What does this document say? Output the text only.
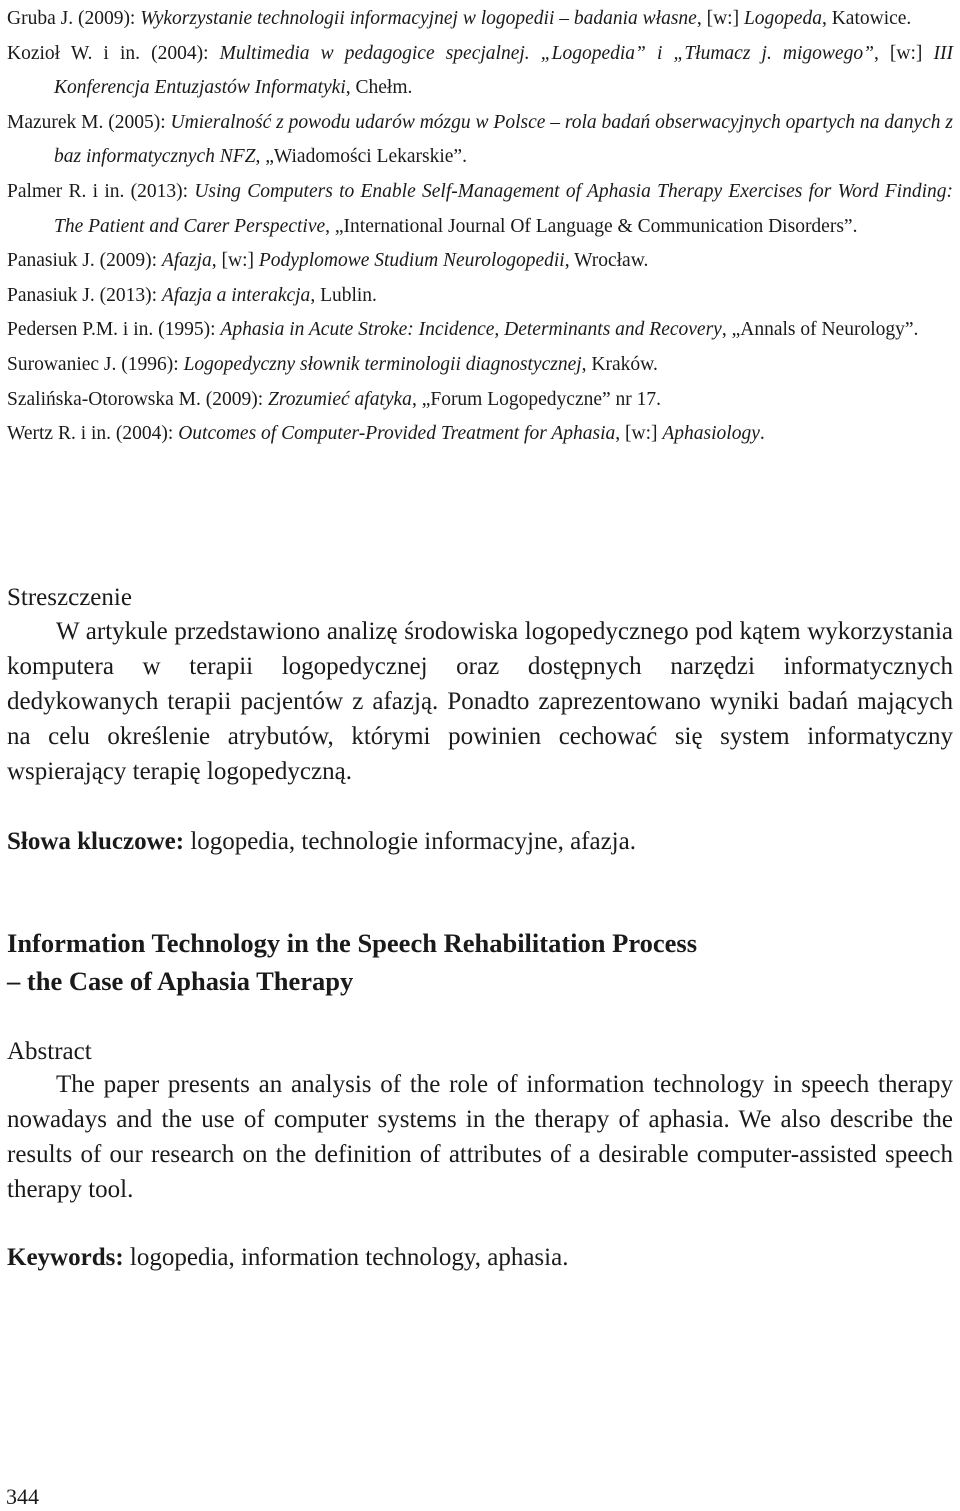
Gruba J. (2009): Wykorzystanie technologii informacyjnej w logopedii – badania własne, [w:] Logopeda, Katowice.
Kozioł W. i in. (2004): Multimedia w pedagogice specjalnej. „Logopedia” i „Tłumacz j. migowego”, [w:] III Konferencja Entuzjastów Informatyki, Chełm.
Mazurek M. (2005): Umieralność z powodu udarów mózgu w Polsce – rola badań obserwacyjnych opartych na danych z baz informatycznych NFZ, „Wiadomości Lekarskie”.
Palmer R. i in. (2013): Using Computers to Enable Self-Management of Aphasia Therapy Exercises for Word Finding: The Patient and Carer Perspective, „International Journal Of Language & Communication Disorders”.
Panasiuk J. (2009): Afazja, [w:] Podyplomowe Studium Neurologopedii, Wrocław.
Panasiuk J. (2013): Afazja a interakcja, Lublin.
Pedersen P.M. i in. (1995): Aphasia in Acute Stroke: Incidence, Determinants and Recovery, „Annals of Neurology”.
Surowaniec J. (1996): Logopedyczny słownik terminologii diagnostycznej, Kraków.
Szalińska-Otorowska M. (2009): Zrozumieć afatyka, „Forum Logopedyczne” nr 17.
Wertz R. i in. (2004): Outcomes of Computer-Provided Treatment for Aphasia, [w:] Aphasiology.
Streszczenie

W artykule przedstawiono analizę środowiska logopedycznego pod kątem wykorzystania komputera w terapii logopedycznej oraz dostępnych narzędzi informatycznych dedykowanych terapii pacjentów z afazją. Ponadto zaprezentowano wyniki badań mających na celu określenie atrybutów, którymi powinien cechować się system informatyczny wspierający terapię logopedyczną.

Słowa kluczowe: logopedia, technologie informacyjne, afazja.

Information Technology in the Speech Rehabilitation Process
– the Case of Aphasia Therapy
Abstract

The paper presents an analysis of the role of information technology in speech therapy nowadays and the use of computer systems in the therapy of aphasia. We also describe the results of our research on the definition of attributes of a desirable computer-assisted speech therapy tool.

Keywords: logopedia, information technology, aphasia.

344
